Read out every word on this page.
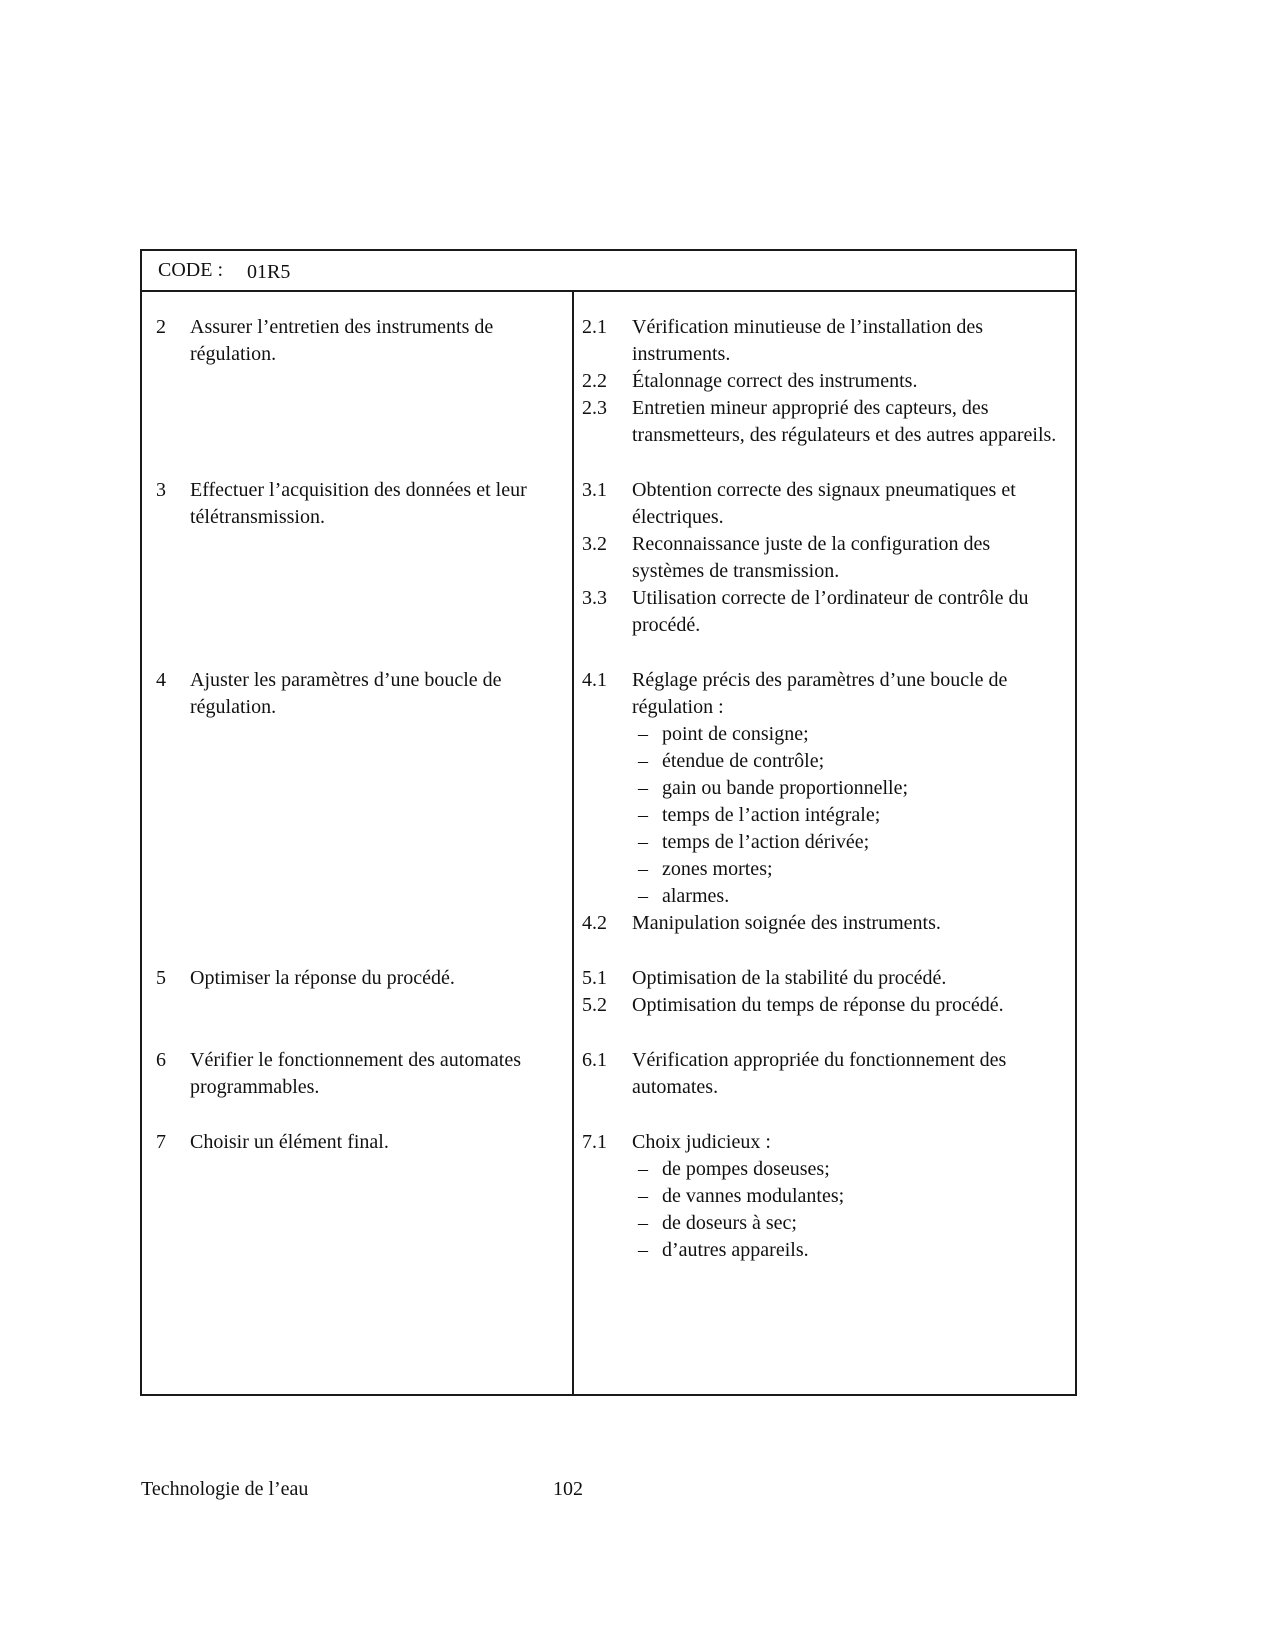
CODE : 01R5
2	Assurer l’entretien des instruments de régulation.
2.1	Vérification minutieuse de l’installation des instruments.
2.2	Étalonnage correct des instruments.
2.3	Entretien mineur approprié des capteurs, des transmetteurs, des régulateurs et des autres appareils.
3	Effectuer l’acquisition des données et leur télétransmission.
3.1	Obtention correcte des signaux pneumatiques et électriques.
3.2	Reconnaissance juste de la configuration des systèmes de transmission.
3.3	Utilisation correcte de l’ordinateur de contrôle du procédé.
4	Ajuster les paramètres d’une boucle de régulation.
4.1	Réglage précis des paramètres d’une boucle de régulation :
– point de consigne;
– étendue de contrôle;
– gain ou bande proportionnelle;
– temps de l’action intégrale;
– temps de l’action dérivée;
– zones mortes;
– alarmes.
4.2	Manipulation soignée des instruments.
5	Optimiser la réponse du procédé.	5.1	Optimisation de la stabilité du procédé.
5.2	Optimisation du temps de réponse du procédé.
6	Vérifier le fonctionnement des automates programmables.
6.1	Vérification appropriée du fonctionnement des automates.
7	Choisir un élément final.	7.1	Choix judicieux :
– de pompes doseuses;
– de vannes modulantes;
– de doseurs à sec;
– d’autres appareils.
Technologie de l’eau	102
